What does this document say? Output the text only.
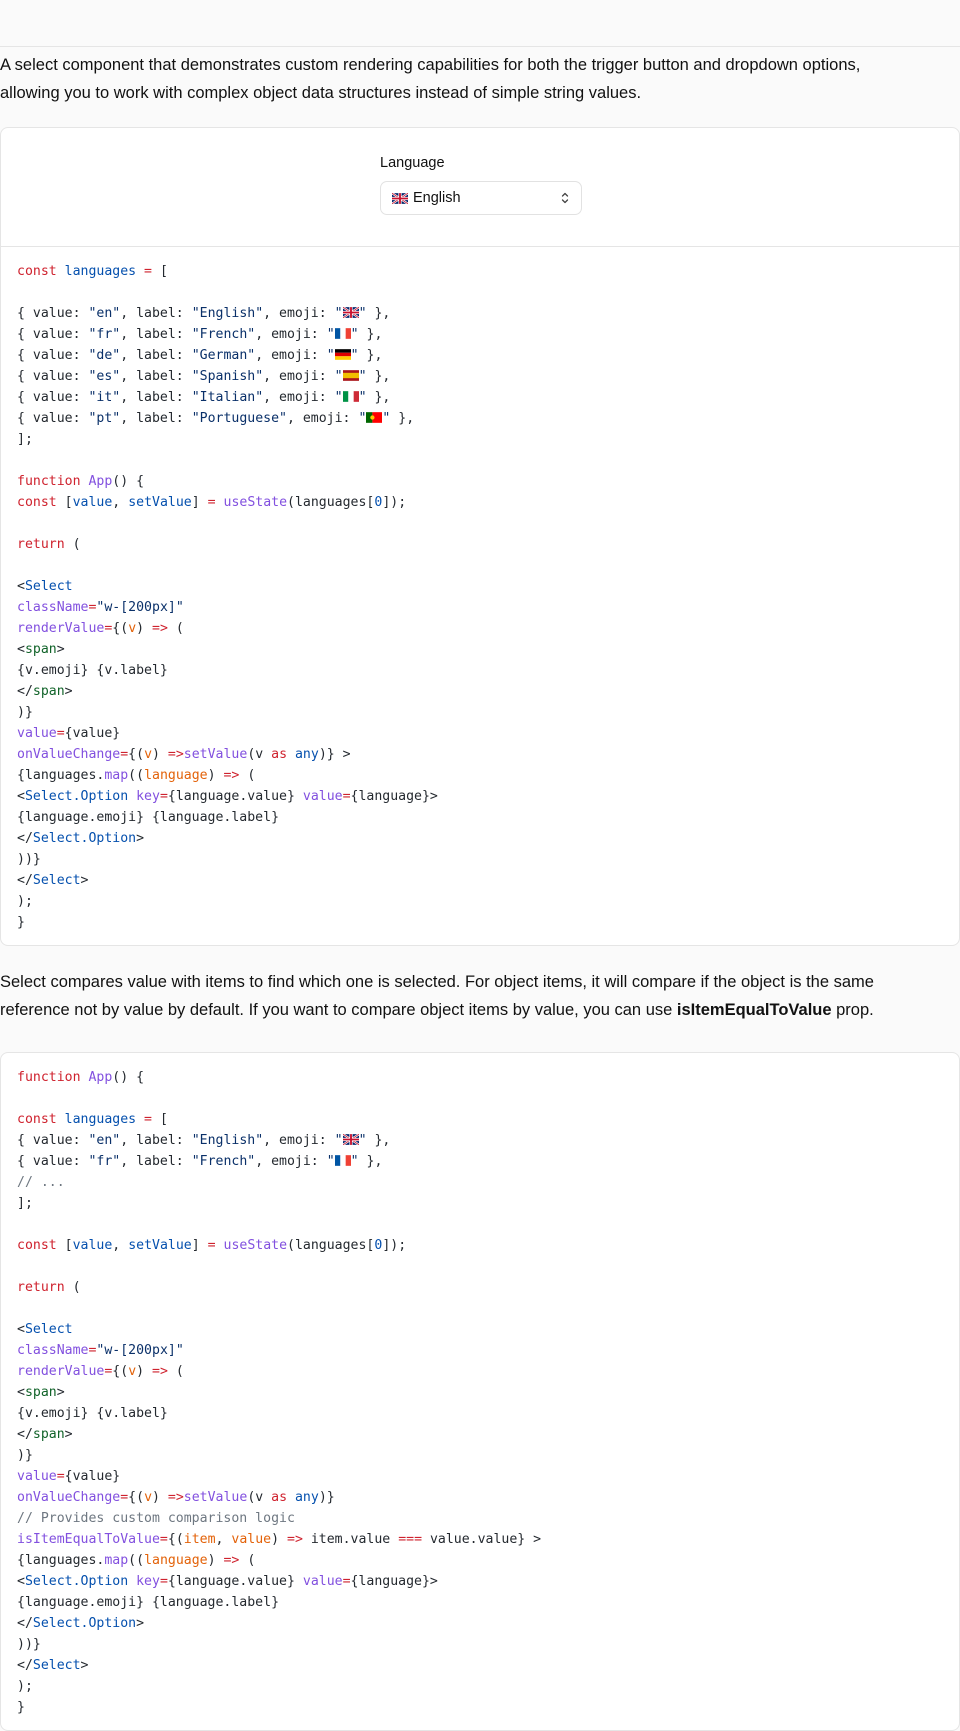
A select component that demonstrates custom rendering capabilities for both the trigger button and dropdown options, allowing you to work with complex object data structures instead of simple string values.

Language
English
const languages = [

{ value: "en", label: "English", emoji: " " },
{ value: "fr", label: "French", emoji: " " },
{ value: "de", label: "German", emoji: " " },
{ value: "es", label: "Spanish", emoji: " " },
{ value: "it", label: "Italian", emoji: " " },
{ value: "pt", label: "Portuguese", emoji: " " },
];

function App() {
const [value, setValue] = useState(languages[0]);

return (

<Select
className="w-[200px]"
renderValue={(v) => (
<span>
{v.emoji} {v.label}
</span>
)}
value={value}
onValueChange={(v) =>setValue(v as any)} >
{languages.map((language) => (
<Select.Option key={language.value} value={language}>
{language.emoji} {language.label}
</Select.Option>
))}
</Select>
);
}

Select compares value with items to find which one is selected. For object items, it will compare if the object is the same reference not by value by default. If you want to compare object items by value, you can use isItemEqualToValue prop.

function App() {

const languages = [
{ value: "en", label: "English", emoji: " " },
{ value: "fr", label: "French", emoji: " " },
// ...
];

const [value, setValue] = useState(languages[0]);

return (

<Select
className="w-[200px]"
renderValue={(v) => (
<span>
{v.emoji} {v.label}
</span>
)}
value={value}
onValueChange={(v) =>setValue(v as any)}
// Provides custom comparison logic
isItemEqualToValue={(item, value) => item.value === value.value} >
{languages.map((language) => (
<Select.Option key={language.value} value={language}>
{language.emoji} {language.label}
</Select.Option>
))}
</Select>
);
}
